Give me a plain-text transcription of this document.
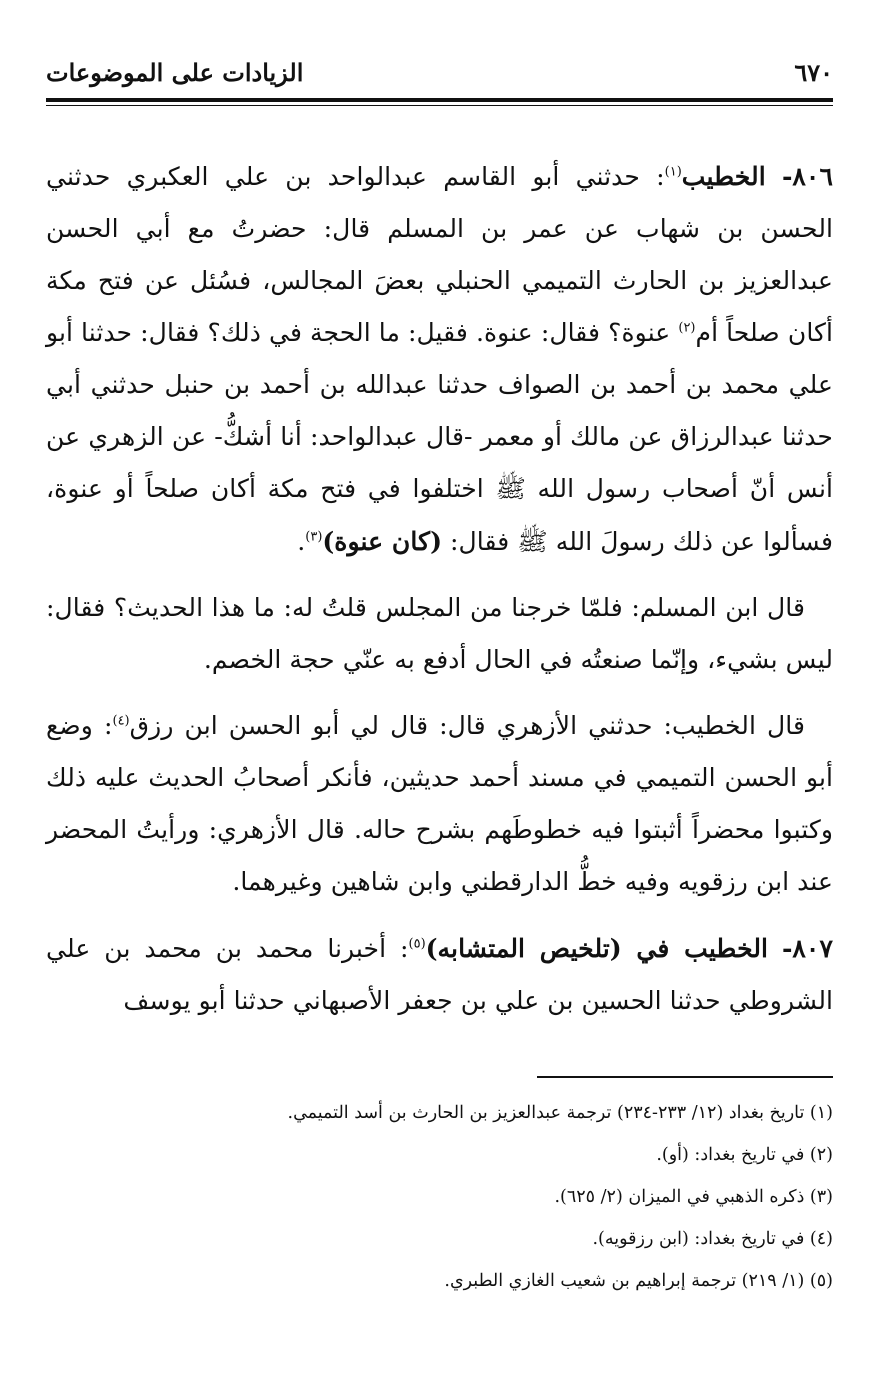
٦٧٠
الزيادات على الموضوعات

٨٠٦- الخطيب$^{(١)}$: حدثني أبو القاسم عبدالواحد بن علي العكبري حدثني الحسن بن شهاب عن عمر بن المسلم قال: حضرتُ مع أبي الحسن عبدالعزيز بن الحارث التميمي الحنبلي بعضَ المجالس، فسُئل عن فتح مكة أكان صلحاً أم$^{(٢)}$ عنوة؟ فقال: عنوة. فقيل: ما الحجة في ذلك؟ فقال: حدثنا أبو علي محمد بن أحمد بن الصواف حدثنا عبدالله بن أحمد بن حنبل حدثني أبي حدثنا عبدالرزاق عن مالك أو معمر -قال عبدالواحد: أنا أشكُّ- عن الزهري عن أنس أنّ أصحاب رسول الله ﷺ اختلفوا في فتح مكة أكان صلحاً أو عنوة، فسألوا عن ذلك رسولَ الله ﷺ فقال: (كان عنوة)$^{(٣)}$.

قال ابن المسلم: فلمّا خرجنا من المجلس قلتُ له: ما هذا الحديث؟ فقال: ليس بشيء، وإنّما صنعتُه في الحال أدفع به عنّي حجة الخصم.

قال الخطيب: حدثني الأزهري قال: قال لي أبو الحسن ابن رزق$^{(٤)}$: وضع أبو الحسن التميمي في مسند أحمد حديثين، فأنكر أصحابُ الحديث عليه ذلك وكتبوا محضراً أثبتوا فيه خطوطَهم بشرح حاله. قال الأزهري: ورأيتُ المحضر عند ابن رزقويه وفيه خطُّ الدارقطني وابن شاهين وغيرهما.

٨٠٧- الخطيب في (تلخيص المتشابه)$^{(٥)}$: أخبرنا محمد بن محمد بن علي الشروطي حدثنا الحسين بن علي بن جعفر الأصبهاني حدثنا أبو يوسف

(١) تاريخ بغداد (١٢/ ٢٣٣-٢٣٤) ترجمة عبدالعزيز بن الحارث بن أسد التميمي.
(٢) في تاريخ بغداد: (أو).
(٣) ذكره الذهبي في الميزان (٢/ ٦٢٥).
(٤) في تاريخ بغداد: (ابن رزقويه).
(٥) (١/ ٢١٩) ترجمة إبراهيم بن شعيب الغازي الطبري.
